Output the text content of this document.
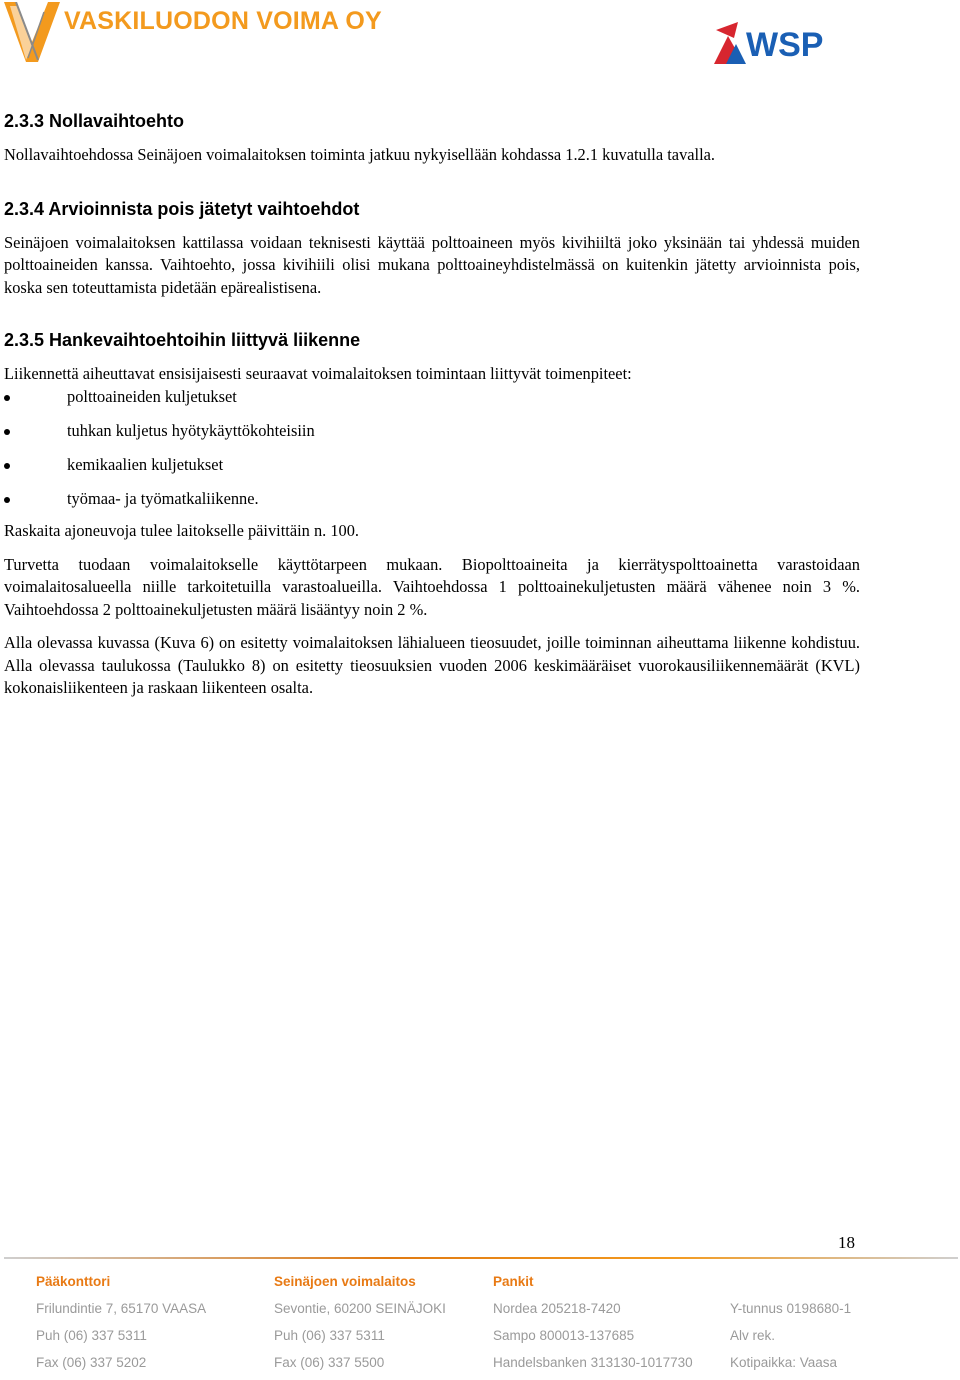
VASKILUODON VOIMA OY
WSP
2.3.3 Nollavaihtoehto

Nollavaihtoehdossa Seinäjoen voimalaitoksen toiminta jatkuu nykyisellään kohdassa 1.2.1 kuvatulla tavalla.

2.3.4 Arvioinnista pois jätetyt vaihtoehdot

Seinäjoen voimalaitoksen kattilassa voidaan teknisesti käyttää polttoaineen myös kivihiiltä joko yksinään tai yhdessä muiden polttoaineiden kanssa. Vaihtoehto, jossa kivihiili olisi mukana polttoaineyhdistelmässä on kuitenkin jätetty arvioinnista pois, koska sen toteuttamista pidetään epärealistisena.

2.3.5 Hankevaihtoehtoihin liittyvä liikenne

Liikennettä aiheuttavat ensisijaisesti seuraavat voimalaitoksen toimintaan liittyvät toimenpiteet:

polttoaineiden kuljetukset
tuhkan kuljetus hyötykäyttökohteisiin
kemikaalien kuljetukset
työmaa- ja työmatkaliikenne.

Raskaita ajoneuvoja tulee laitokselle päivittäin n. 100.

Turvetta tuodaan voimalaitokselle käyttötarpeen mukaan. Biopolttoaineita ja kierrätyspolttoainetta varastoidaan voimalaitosalueella niille tarkoitetuilla varastoalueilla. Vaihtoehdossa 1 polttoainekuljetusten määrä vähenee noin 3 %. Vaihtoehdossa 2 polttoainekuljetusten määrä lisääntyy noin 2 %.

Alla olevassa kuvassa (Kuva 6) on esitetty voimalaitoksen lähialueen tieosuudet, joille toiminnan aiheuttama liikenne kohdistuu. Alla olevassa taulukossa (Taulukko 8) on esitetty tieosuuksien vuoden 2006 keskimääräiset vuorokausiliikennemäärät (KVL) kokonaisliikenteen ja raskaan liikenteen osalta.

18
Pääkonttori
Frilundintie 7, 65170 VAASA
Puh (06) 337 5311
Fax (06) 337 5202
Seinäjoen voimalaitos
Sevontie, 60200 SEINÄJOKI
Puh (06) 337 5311
Fax (06) 337 5500
Pankit
Nordea 205218-7420
Sampo 800013-137685
Handelsbanken 313130-1017730
Y-tunnus 0198680-1
Alv rek.
Kotipaikka: Vaasa
